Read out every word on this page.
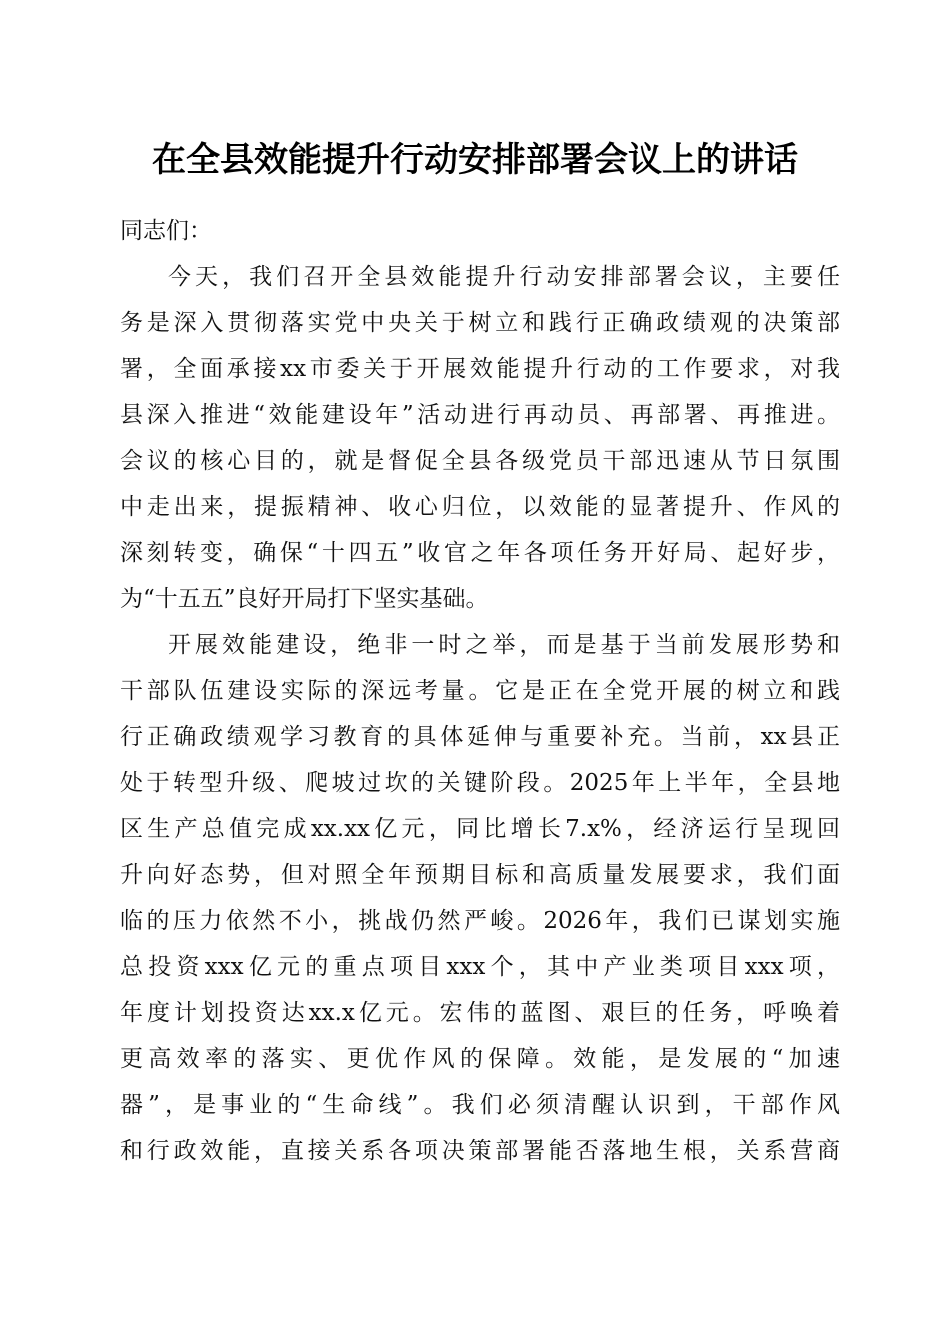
在全县效能提升行动安排部署会议上的讲话

同志们：

今天，我们召开全县效能提升行动安排部署会议，主要任
务是深入贯彻落实党中央关于树立和践行正确政绩观的决策部
署，全面承接xx市委关于开展效能提升行动的工作要求，对我
县深入推进“效能建设年”活动进行再动员、再部署、再推进。
会议的核心目的，就是督促全县各级党员干部迅速从节日氛围
中走出来，提振精神、收心归位，以效能的显著提升、作风的
深刻转变，确保“十四五”收官之年各项任务开好局、起好步，
为“十五五”良好开局打下坚实基础。

开展效能建设，绝非一时之举，而是基于当前发展形势和
干部队伍建设实际的深远考量。它是正在全党开展的树立和践
行正确政绩观学习教育的具体延伸与重要补充。当前，xx县正
处于转型升级、爬坡过坎的关键阶段。2025年上半年，全县地
区生产总值完成xx.xx亿元，同比增长7.x%，经济运行呈现回
升向好态势，但对照全年预期目标和高质量发展要求，我们面
临的压力依然不小，挑战仍然严峻。2026年，我们已谋划实施
总投资xxx亿元的重点项目xxx个，其中产业类项目xxx项，
年度计划投资达xx.x亿元。宏伟的蓝图、艰巨的任务，呼唤着
更高效率的落实、更优作风的保障。效能，是发展的“加速
器”，是事业的“生命线”。我们必须清醒认识到，干部作风
和行政效能，直接关系各项决策部署能否落地生根，关系营商
